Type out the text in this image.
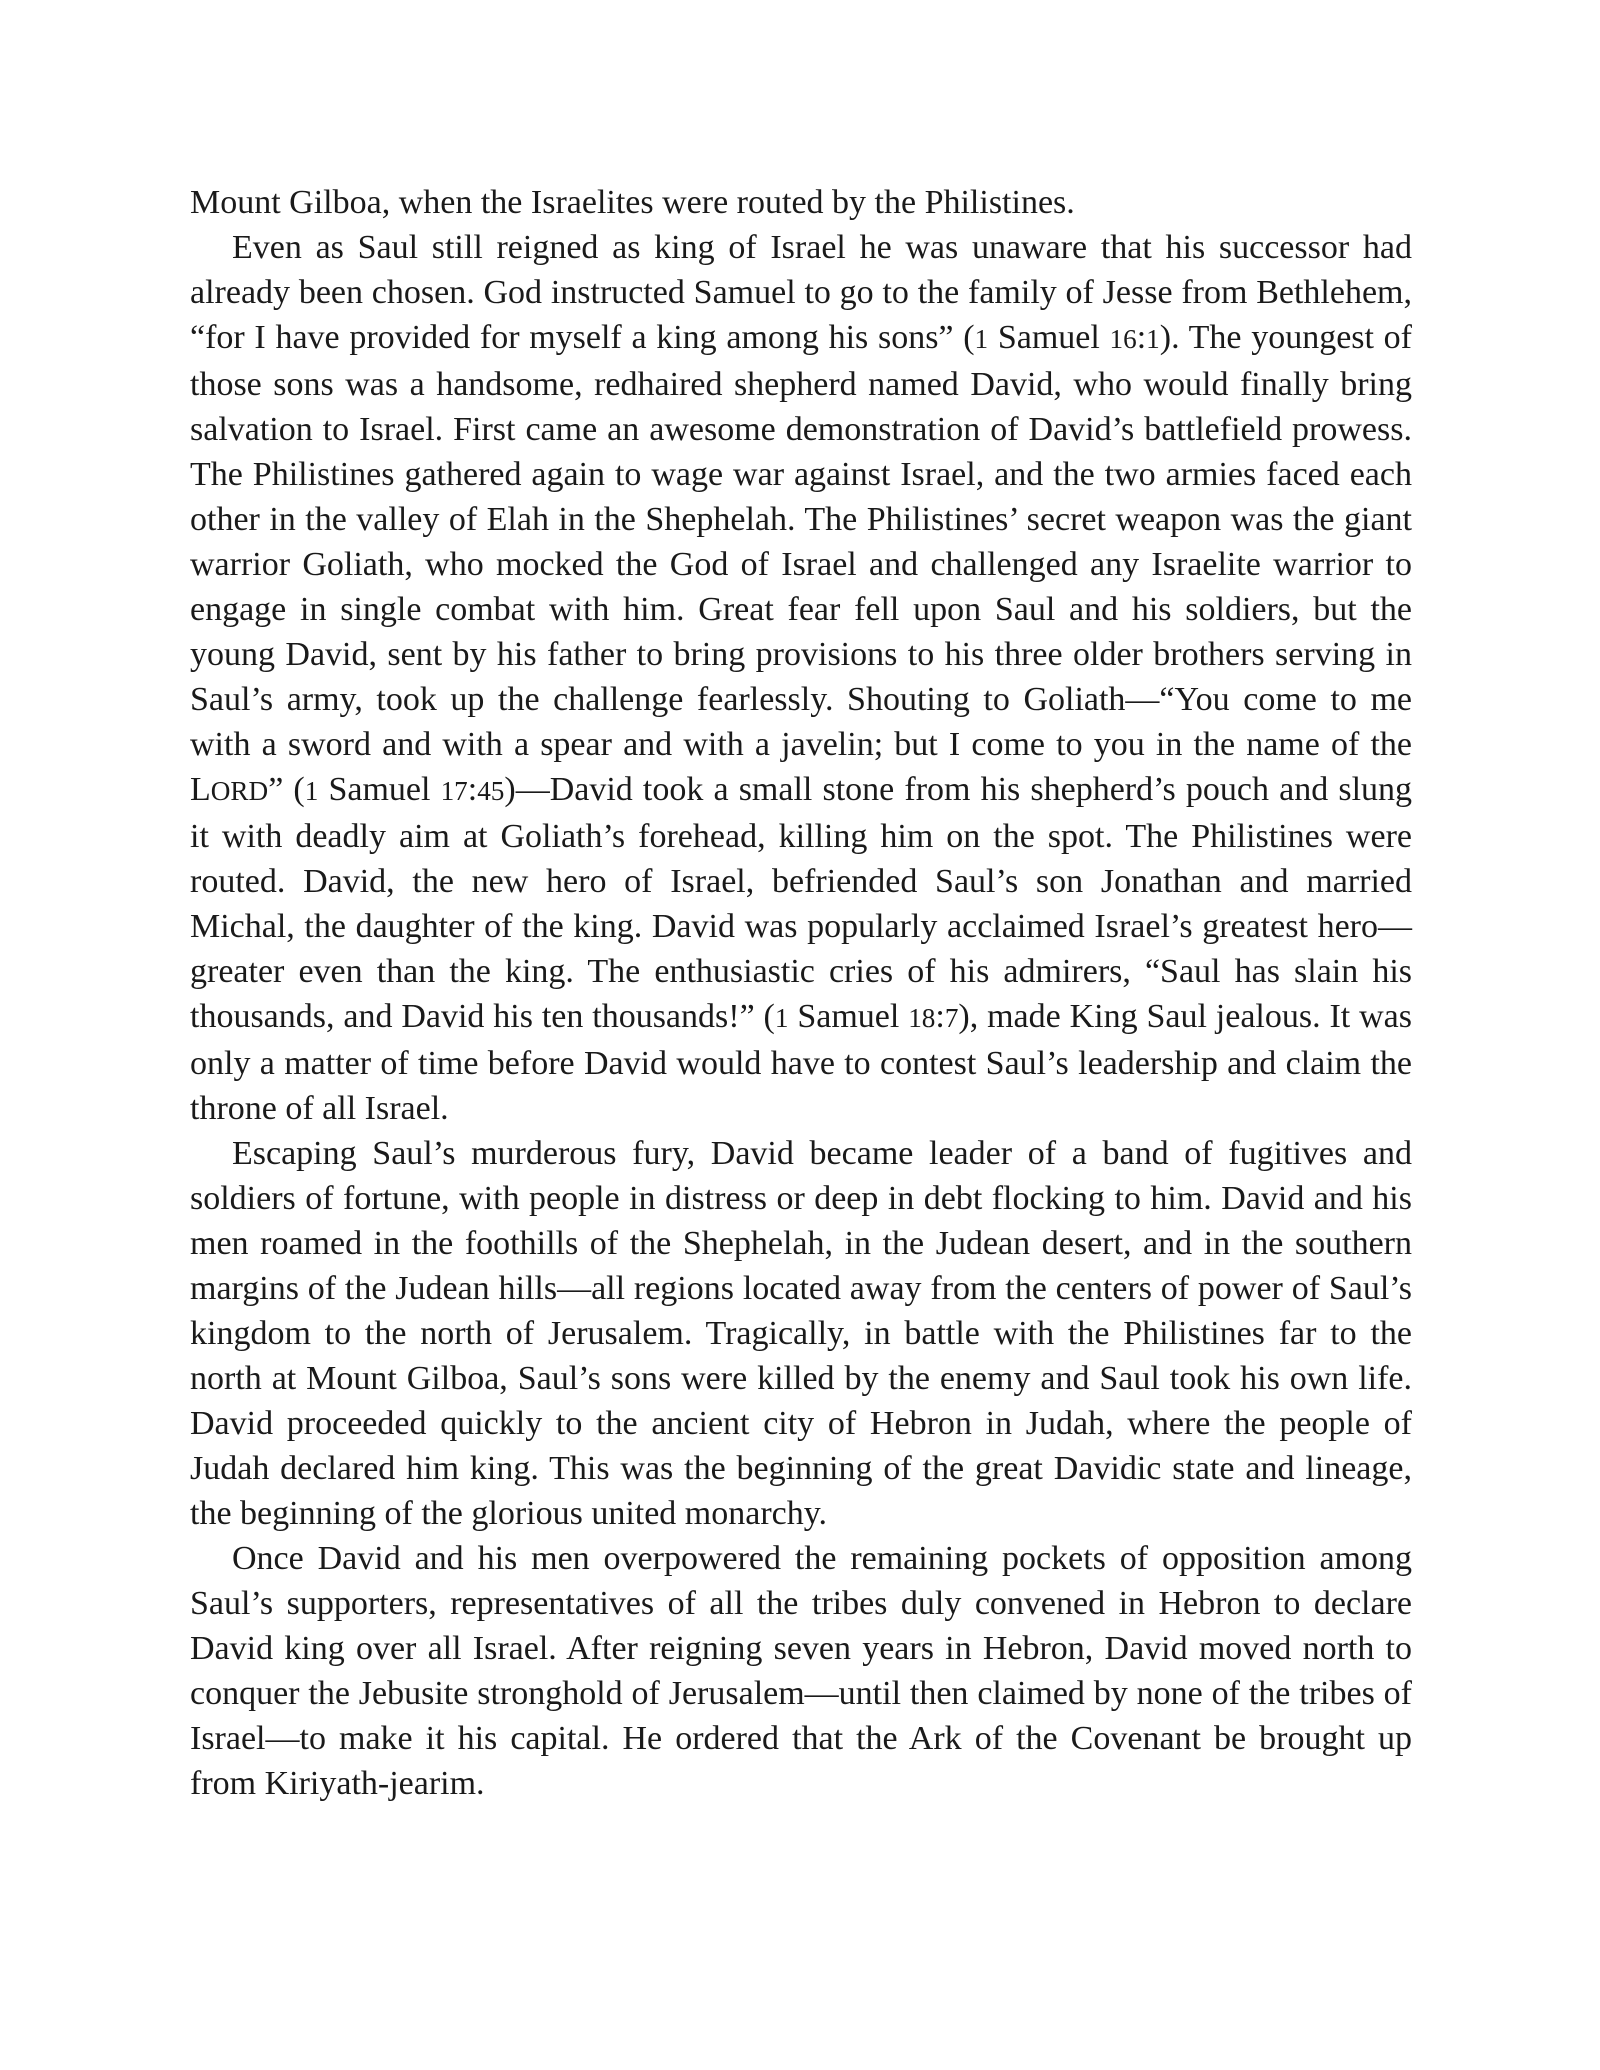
Mount Gilboa, when the Israelites were routed by the Philistines.

Even as Saul still reigned as king of Israel he was unaware that his successor had already been chosen. God instructed Samuel to go to the family of Jesse from Bethlehem, “for I have provided for myself a king among his sons” (1 Samuel 16:1). The youngest of those sons was a handsome, redhaired shepherd named David, who would finally bring salvation to Israel. First came an awesome demonstration of David’s battlefield prowess. The Philistines gathered again to wage war against Israel, and the two armies faced each other in the valley of Elah in the Shephelah. The Philistines’ secret weapon was the giant warrior Goliath, who mocked the God of Israel and challenged any Israelite warrior to engage in single combat with him. Great fear fell upon Saul and his soldiers, but the young David, sent by his father to bring provisions to his three older brothers serving in Saul’s army, took up the challenge fearlessly. Shouting to Goliath—“You come to me with a sword and with a spear and with a javelin; but I come to you in the name of the LORD” (1 Samuel 17:45)—David took a small stone from his shepherd’s pouch and slung it with deadly aim at Goliath’s forehead, killing him on the spot. The Philistines were routed. David, the new hero of Israel, befriended Saul’s son Jonathan and married Michal, the daughter of the king. David was popularly acclaimed Israel’s greatest hero—greater even than the king. The enthusiastic cries of his admirers, “Saul has slain his thousands, and David his ten thousands!” (1 Samuel 18:7), made King Saul jealous. It was only a matter of time before David would have to contest Saul’s leadership and claim the throne of all Israel.

Escaping Saul’s murderous fury, David became leader of a band of fugitives and soldiers of fortune, with people in distress or deep in debt flocking to him. David and his men roamed in the foothills of the Shephelah, in the Judean desert, and in the southern margins of the Judean hills—all regions located away from the centers of power of Saul’s kingdom to the north of Jerusalem. Tragically, in battle with the Philistines far to the north at Mount Gilboa, Saul’s sons were killed by the enemy and Saul took his own life. David proceeded quickly to the ancient city of Hebron in Judah, where the people of Judah declared him king. This was the beginning of the great Davidic state and lineage, the beginning of the glorious united monarchy.

Once David and his men overpowered the remaining pockets of opposition among Saul’s supporters, representatives of all the tribes duly convened in Hebron to declare David king over all Israel. After reigning seven years in Hebron, David moved north to conquer the Jebusite stronghold of Jerusalem—until then claimed by none of the tribes of Israel—to make it his capital. He ordered that the Ark of the Covenant be brought up from Kiriyath-jearim.
